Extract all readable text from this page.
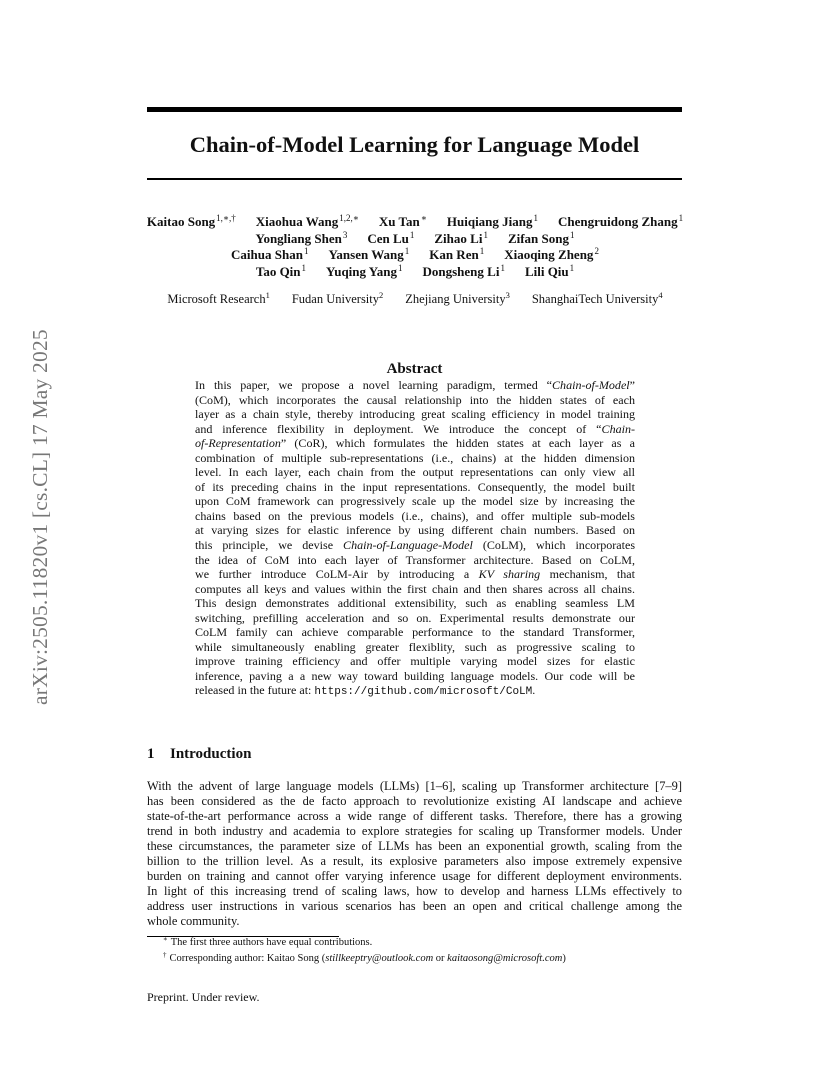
arXiv:2505.11820v1 [cs.CL] 17 May 2025
Chain-of-Model Learning for Language Model
Kaitao Song$^{1,∗,\dagger}$ Xiaohua Wang$^{1,2,∗}$ Xu Tan∗ Huiqiang Jiang$^1$ Chengruidong Zhang$^1$
Yongliang Shen$^3$ Cen Lu$^1$ Zihao Li$^1$ Zifan Song$^1$
Caihua Shan$^1$ Yansen Wang$^1$ Kan Ren$^1$ Xiaoqing Zheng$^2$
Tao Qin$^1$ Yuqing Yang$^1$ Dongsheng Li$^1$ Lili Qiu$^1$
Microsoft Research$^1$ Fudan University$^2$ Zhejiang University$^3$ ShanghaiTech University$^4$
Abstract
In this paper, we propose a novel learning paradigm, termed “Chain-of-Model”
(CoM), which incorporates the causal relationship into the hidden states of each
layer as a chain style, thereby introducing great scaling efficiency in model training
and inference flexibility in deployment. We introduce the concept of “Chain-
of-Representation” (CoR), which formulates the hidden states at each layer as a
combination of multiple sub-representations (i.e., chains) at the hidden dimension
level. In each layer, each chain from the output representations can only view all
of its preceding chains in the input representations. Consequently, the model built
upon CoM framework can progressively scale up the model size by increasing the
chains based on the previous models (i.e., chains), and offer multiple sub-models
at varying sizes for elastic inference by using different chain numbers. Based on
this principle, we devise Chain-of-Language-Model (CoLM), which incorporates
the idea of CoM into each layer of Transformer architecture. Based on CoLM,
we further introduce CoLM-Air by introducing a KV sharing mechanism, that
computes all keys and values within the first chain and then shares across all chains.
This design demonstrates additional extensibility, such as enabling seamless LM
switching, prefilling acceleration and so on. Experimental results demonstrate our
CoLM family can achieve comparable performance to the standard Transformer,
while simultaneously enabling greater flexiblity, such as progressive scaling to
improve training efficiency and offer multiple varying model sizes for elastic
inference, paving a a new way toward building language models. Our code will be
released in the future at: https://github.com/microsoft/CoLM.
1 Introduction
With the advent of large language models (LLMs) [1–6], scaling up Transformer architecture [7–9]
has been considered as the de facto approach to revolutionize existing AI landscape and achieve
state-of-the-art performance across a wide range of different tasks. Therefore, there has a growing
trend in both industry and academia to explore strategies for scaling up Transformer models. Under
these circumstances, the parameter size of LLMs has been an exponential growth, scaling from the
billion to the trillion level. As a result, its explosive parameters also impose extremely expensive
burden on training and cannot offer varying inference usage for different deployment environments.
In light of this increasing trend of scaling laws, how to develop and harness LLMs effectively to
address user instructions in various scenarios has been an open and critical challenge among the
whole community.
∗ The first three authors have equal contributions.
† Corresponding author: Kaitao Song (stillkeeptry@outlook.com or kaitaosong@microsoft.com)
Preprint. Under review.
